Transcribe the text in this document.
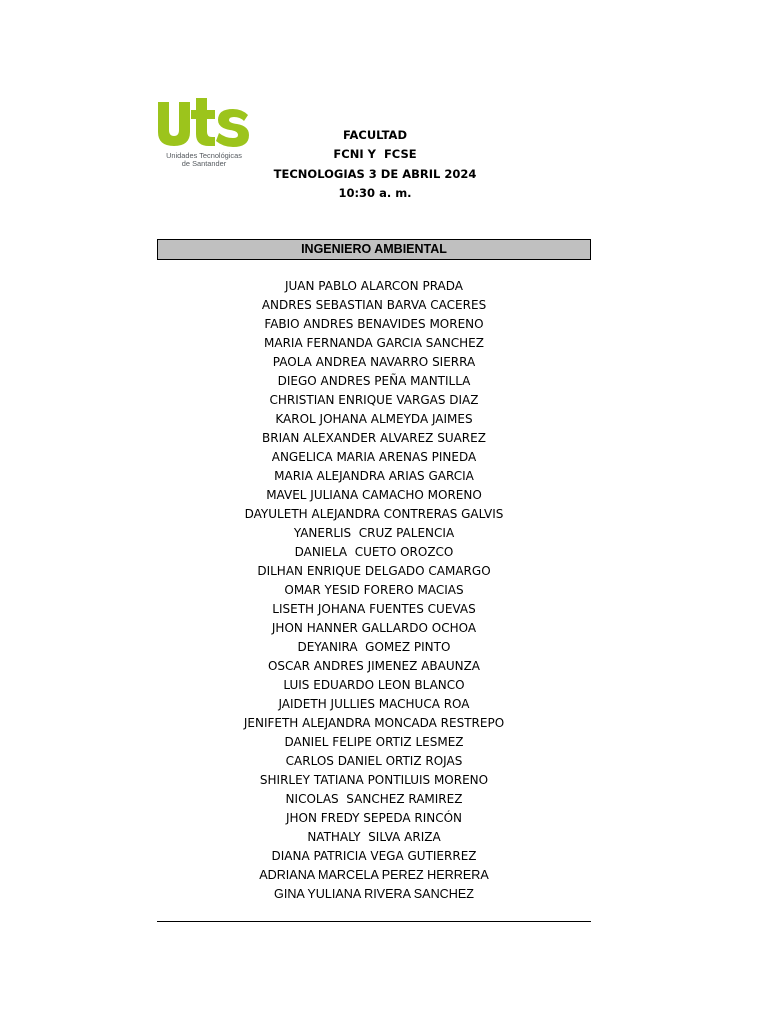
Unidades Tecnológicas
de Santander
FACULTAD
FCNI Y  FCSE
TECNOLOGIAS 3 DE ABRIL 2024
10:30 a. m.
INGENIERO AMBIENTAL
JUAN PABLO ALARCON PRADA
ANDRES SEBASTIAN BARVA CACERES
FABIO ANDRES BENAVIDES MORENO
MARIA FERNANDA GARCIA SANCHEZ
PAOLA ANDREA NAVARRO SIERRA
DIEGO ANDRES PEÑA MANTILLA
CHRISTIAN ENRIQUE VARGAS DIAZ
KAROL JOHANA ALMEYDA JAIMES
BRIAN ALEXANDER ALVAREZ SUAREZ
ANGELICA MARIA ARENAS PINEDA
MARIA ALEJANDRA ARIAS GARCIA
MAVEL JULIANA CAMACHO MORENO
DAYULETH ALEJANDRA CONTRERAS GALVIS
YANERLIS  CRUZ PALENCIA
DANIELA  CUETO OROZCO
DILHAN ENRIQUE DELGADO CAMARGO
OMAR YESID FORERO MACIAS
LISETH JOHANA FUENTES CUEVAS
JHON HANNER GALLARDO OCHOA
DEYANIRA  GOMEZ PINTO
OSCAR ANDRES JIMENEZ ABAUNZA
LUIS EDUARDO LEON BLANCO
JAIDETH JULLIES MACHUCA ROA
JENIFETH ALEJANDRA MONCADA RESTREPO
DANIEL FELIPE ORTIZ LESMEZ
CARLOS DANIEL ORTIZ ROJAS
SHIRLEY TATIANA PONTILUIS MORENO
NICOLAS  SANCHEZ RAMIREZ
JHON FREDY SEPEDA RINCÓN
NATHALY  SILVA ARIZA
DIANA PATRICIA VEGA GUTIERREZ
ADRIANA MARCELA PEREZ HERRERA
GINA YULIANA RIVERA SANCHEZ
